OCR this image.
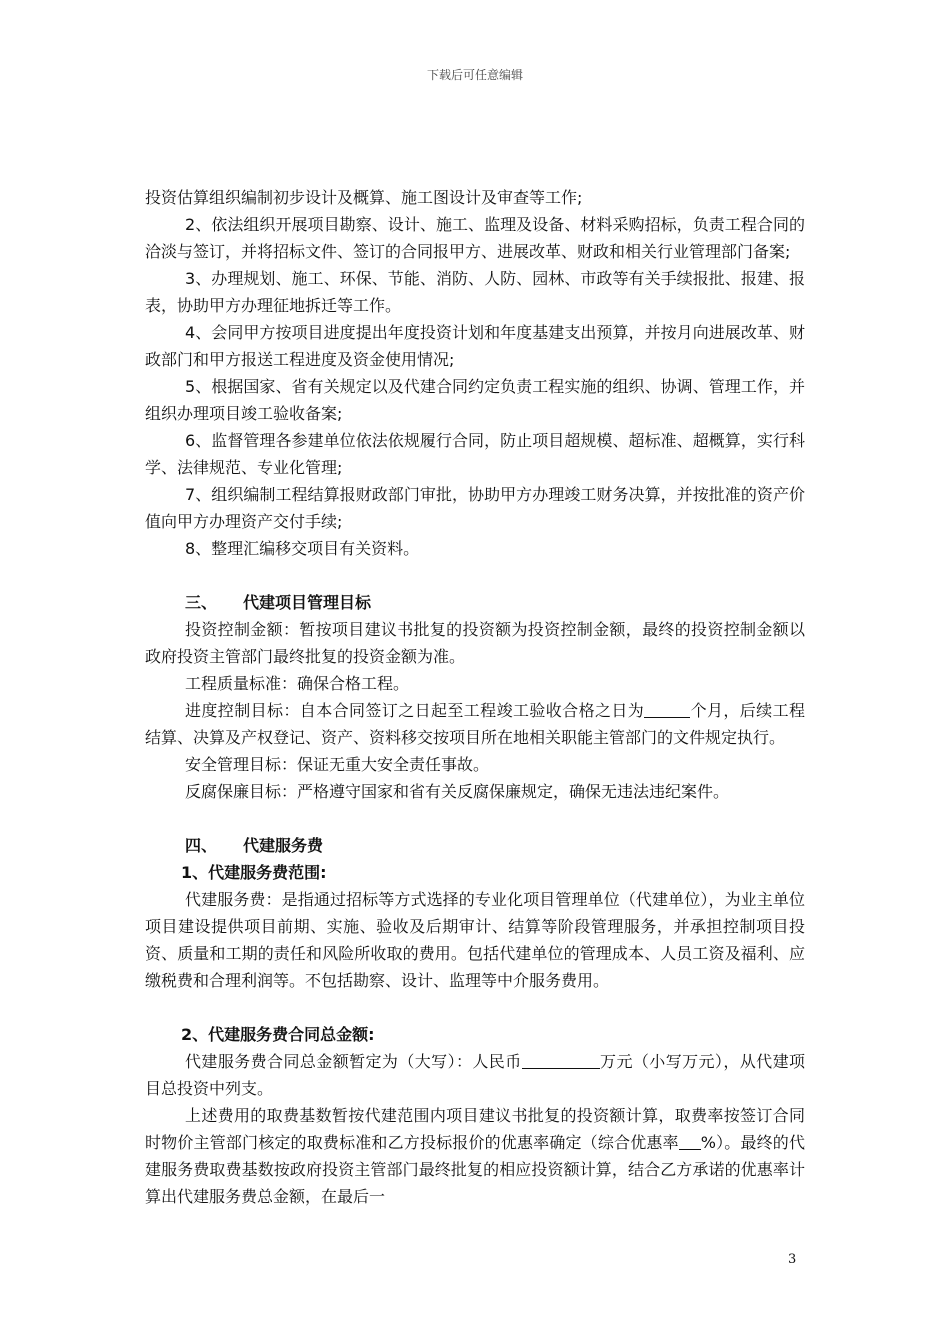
下载后可任意编辑

投资估算组织编制初步设计及概算、施工图设计及审查等工作;

2、依法组织开展项目勘察、设计、施工、监理及设备、材料采购招标，负责工程合同的洽淡与签订，并将招标文件、签订的合同报甲方、进展改革、财政和相关行业管理部门备案;

3、办理规划、施工、环保、节能、消防、人防、园林、市政等有关手续报批、报建、报表，协助甲方办理征地拆迁等工作。

4、会同甲方按项目进度提出年度投资计划和年度基建支出预算，并按月向进展改革、财政部门和甲方报送工程进度及资金使用情况;

5、根据国家、省有关规定以及代建合同约定负责工程实施的组织、协调、管理工作，并组织办理项目竣工验收备案;

6、监督管理各参建单位依法依规履行合同，防止项目超规模、超标准、超概算，实行科学、法律规范、专业化管理;

7、组织编制工程结算报财政部门审批，协助甲方办理竣工财务决算，并按批准的资产价值向甲方办理资产交付手续;

8、整理汇编移交项目有关资料。

三、 代建项目管理目标

投资控制金额：暂按项目建议书批复的投资额为投资控制金额，最终的投资控制金额以政府投资主管部门最终批复的投资金额为准。

工程质量标准：确保合格工程。

进度控制目标：自本合同签订之日起至工程竣工验收合格之日为	个月，后续工程结算、决算及产权登记、资产、资料移交按项目所在地相关职能主管部门的文件规定执行。

安全管理目标：保证无重大安全责任事故。

反腐保廉目标：严格遵守国家和省有关反腐保廉规定，确保无违法违纪案件。

四、 代建服务费

1、代建服务费范围:

代建服务费：是指通过招标等方式选择的专业化项目管理单位（代建单位），为业主单位项目建设提供项目前期、实施、验收及后期审计、结算等阶段管理服务，并承担控制项目投资、质量和工期的责任和风险所收取的费用。包括代建单位的管理成本、人员工资及福利、应缴税费和合理利润等。不包括勘察、设计、监理等中介服务费用。

2、代建服务费合同总金额:

代建服务费合同总金额暂定为（大写）：人民币	万元（小写万元），从代建项目总投资中列支。

上述费用的取费基数暂按代建范围内项目建议书批复的投资额计算，取费率按签订合同时物价主管部门核定的取费标准和乙方投标报价的优惠率确定（综合优惠率 %）。最终的代建服务费取费基数按政府投资主管部门最终批复的相应投资额计算，结合乙方承诺的优惠率计算出代建服务费总金额，在最后一

3
